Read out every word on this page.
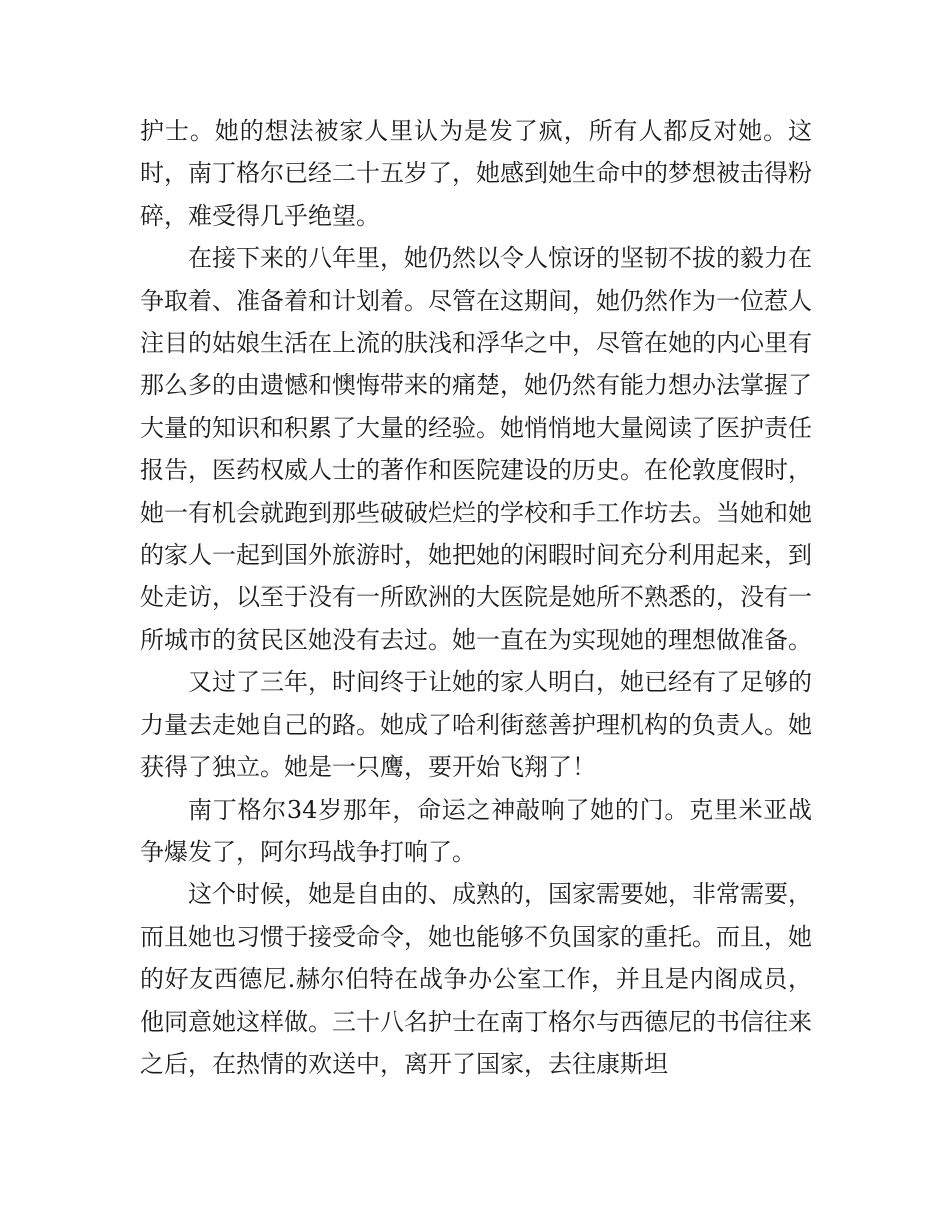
护士。她的想法被家人里认为是发了疯，所有人都反对她。这时，南丁格尔已经二十五岁了，她感到她生命中的梦想被击得粉碎，难受得几乎绝望。

在接下来的八年里，她仍然以令人惊讶的坚韧不拔的毅力在争取着、准备着和计划着。尽管在这期间，她仍然作为一位惹人注目的姑娘生活在上流的肤浅和浮华之中，尽管在她的内心里有那么多的由遗憾和懊悔带来的痛楚，她仍然有能力想办法掌握了大量的知识和积累了大量的经验。她悄悄地大量阅读了医护责任报告，医药权威人士的著作和医院建设的历史。在伦敦度假时，她一有机会就跑到那些破破烂烂的学校和手工作坊去。当她和她的家人一起到国外旅游时，她把她的闲暇时间充分利用起来，到处走访，以至于没有一所欧洲的大医院是她所不熟悉的，没有一所城市的贫民区她没有去过。她一直在为实现她的理想做准备。

又过了三年，时间终于让她的家人明白，她已经有了足够的力量去走她自己的路。她成了哈利街慈善护理机构的负责人。她获得了独立。她是一只鹰，要开始飞翔了！

南丁格尔34岁那年，命运之神敲响了她的门。克里米亚战争爆发了，阿尔玛战争打响了。

这个时候，她是自由的、成熟的，国家需要她，非常需要，而且她也习惯于接受命令，她也能够不负国家的重托。而且，她的好友西德尼.赫尔伯特在战争办公室工作，并且是内阁成员，他同意她这样做。三十八名护士在南丁格尔与西德尼的书信往来之后，在热情的欢送中，离开了国家，去往康斯坦
